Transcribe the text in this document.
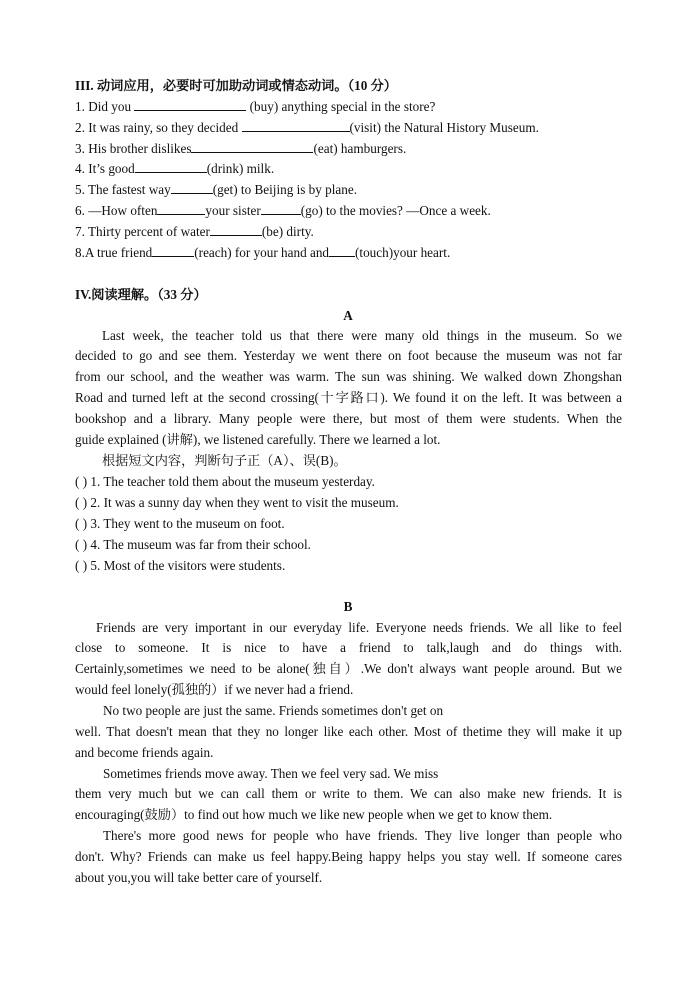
III. 动词应用，必要时可加助动词或情态动词。（10 分）
1. Did you	(buy) anything special in the store?
2. It was rainy, so they decided	(visit) the Natural History Museum.
3. His brother dislikes	(eat) hamburgers.
4. It’s good	(drink) milk.
5. The fastest way	(get) to Beijing is by plane.
6. —How often	your sister	(go) to the movies? —Once a week.
7. Thirty percent of water	(be) dirty.
8.A true friend	(reach) for your hand and (touch)your heart.
IV.阅读理解。（33 分）
A
Last week, the teacher told us that there were many old things in the museum. So we
decided to go and see them. Yesterday we went there on foot because the museum was not far
from our school, and the weather was warm. The sun was shining. We walked down Zhongshan
Road and turned left at the second crossing(十字路口). We found it on the left. It was between a
bookshop and a library. Many people were there, but most of them were students. When the
guide explained (讲解), we listened carefully. There we learned a lot.
根据短文内容，判断句子正（A）、误(B)。
( ) 1. The teacher told them about the museum yesterday.
( ) 2. It was a sunny day when they went to visit the museum.
( ) 3. They went to the museum on foot.
( ) 4. The museum was far from their school.
( ) 5. Most of the visitors were students.
B
Friends are very important in our everyday life. Everyone needs friends. We all like to feel
close to someone. It is nice to have a friend to talk,laugh and do things with.
Certainly,sometimes we need to be alone(独自）.We don't always want people around. But we
would feel lonely(孤独的）if we never had a friend.
No two people are just the same. Friends sometimes don't get on
well. That doesn't mean that they no longer like each other. Most of thetime they will make it up
and become friends again.
Sometimes friends move away. Then we feel very sad. We miss
them very much but we can call them or write to them. We can also make new friends. It is
encouraging(鼓励）to find out how much we like new people when we get to know them.
There's more good news for people who have friends. They live longer than people who
don't. Why? Friends can make us feel happy.Being happy helps you stay well. If someone cares
about you,you will take better care of yourself.
